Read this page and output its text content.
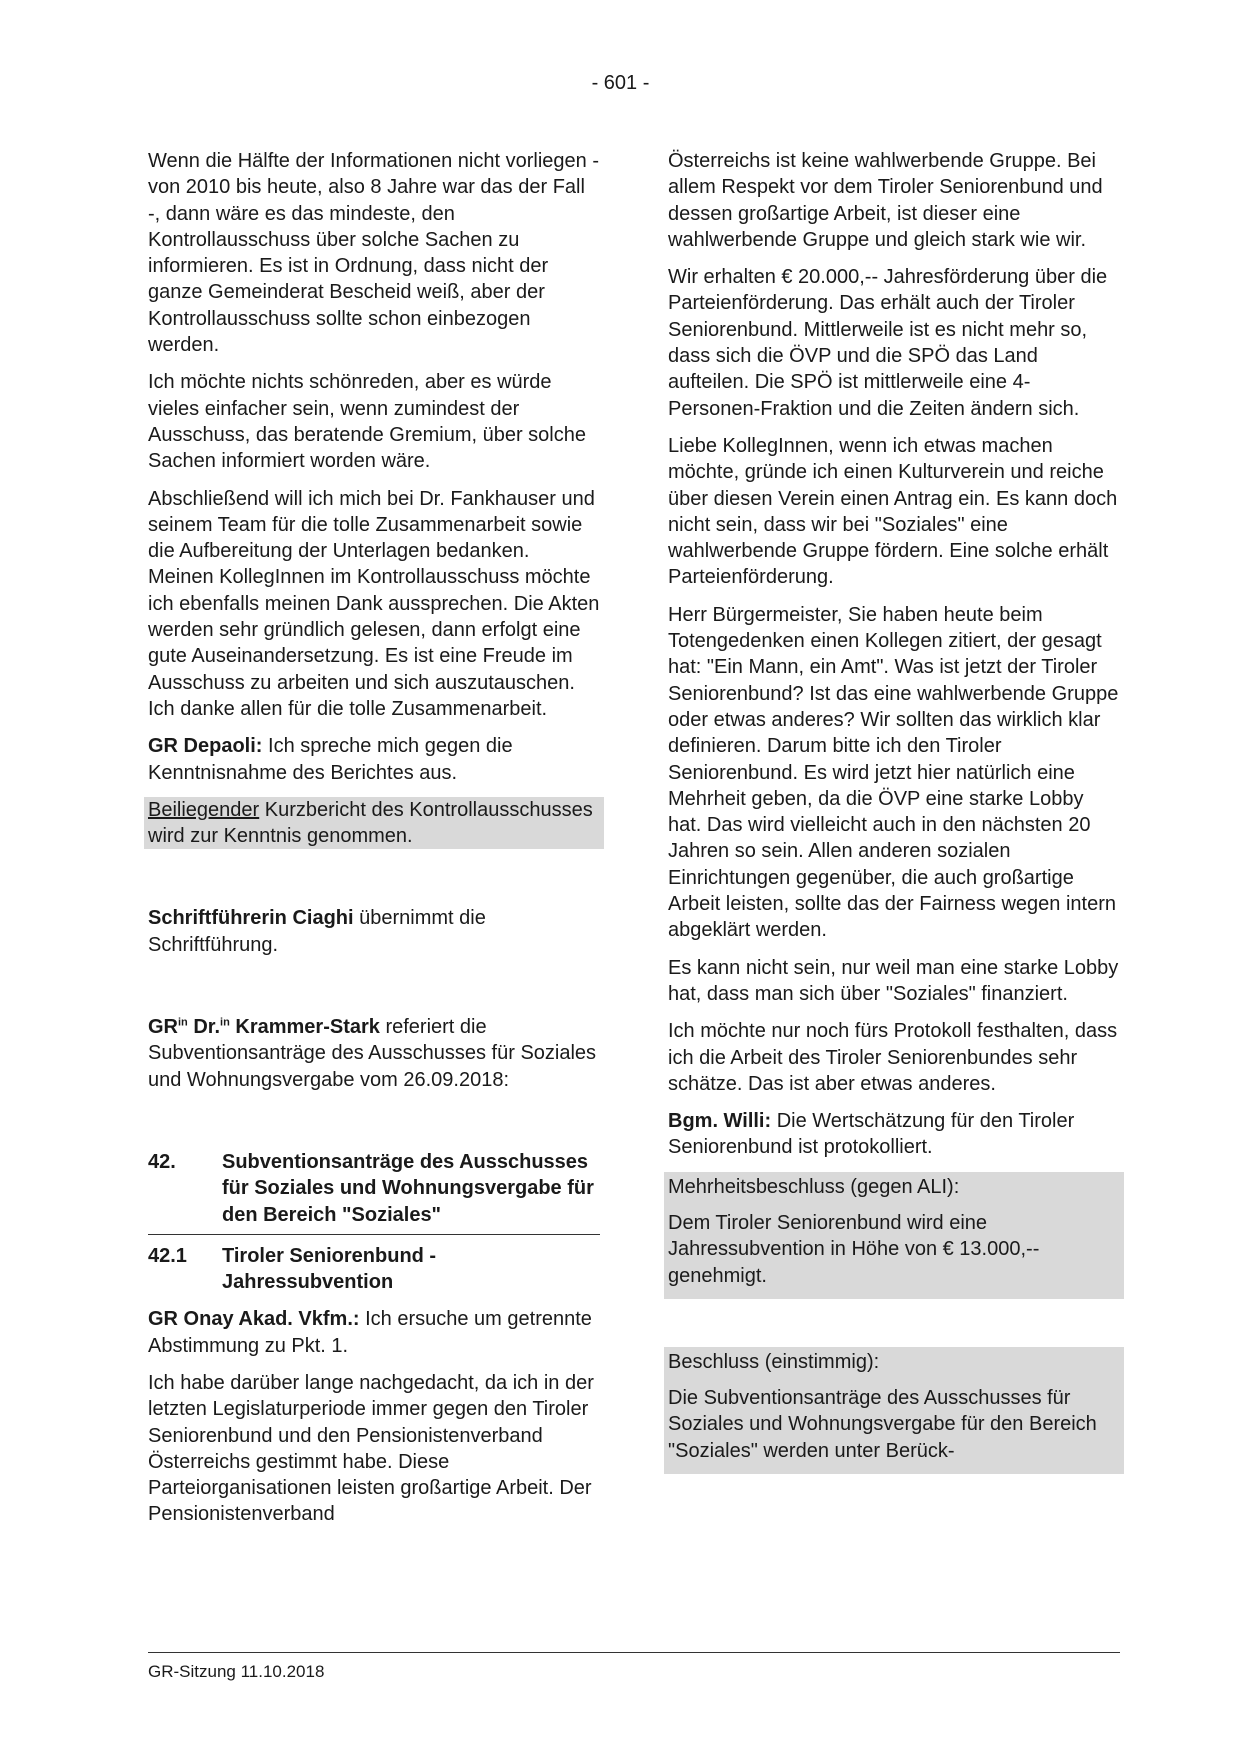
- 601 -

Wenn die Hälfte der Informationen nicht vorliegen - von 2010 bis heute, also 8 Jahre war das der Fall -, dann wäre es das mindeste, den Kontrollausschuss über solche Sachen zu informieren. Es ist in Ordnung, dass nicht der ganze Gemeinderat Bescheid weiß, aber der Kontrollausschuss sollte schon einbezogen werden.

Ich möchte nichts schönreden, aber es würde vieles einfacher sein, wenn zumindest der Ausschuss, das beratende Gremium, über solche Sachen informiert worden wäre.

Abschließend will ich mich bei Dr. Fankhauser und seinem Team für die tolle Zusammenarbeit sowie die Aufbereitung der Unterlagen bedanken. Meinen KollegInnen im Kontrollausschuss möchte ich ebenfalls meinen Dank aussprechen. Die Akten werden sehr gründlich gelesen, dann erfolgt eine gute Auseinandersetzung. Es ist eine Freude im Ausschuss zu arbeiten und sich auszutauschen. Ich danke allen für die tolle Zusammenarbeit.

GR Depaoli: Ich spreche mich gegen die Kenntnisnahme des Berichtes aus.

Beiliegender Kurzbericht des Kontrollausschusses wird zur Kenntnis genommen.

Schriftführerin Ciaghi übernimmt die Schriftführung.

$GR^{in}$ Dr.$^{in}$ Krammer-Stark referiert die Subventionsanträge des Ausschusses für Soziales und Wohnungsvergabe vom 26.09.2018:

42.	Subventionsanträge des Ausschusses für Soziales und Wohnungsvergabe für den Bereich "Soziales"
42.1	Tiroler Seniorenbund - Jahressubvention

GR Onay Akad. Vkfm.: Ich ersuche um getrennte Abstimmung zu Pkt. 1.

Ich habe darüber lange nachgedacht, da ich in der letzten Legislaturperiode immer gegen den Tiroler Seniorenbund und den Pensionistenverband Österreichs gestimmt habe. Diese Parteiorganisationen leisten großartige Arbeit. Der Pensionistenverband

Österreichs ist keine wahlwerbende Gruppe. Bei allem Respekt vor dem Tiroler Seniorenbund und dessen großartige Arbeit, ist dieser eine wahlwerbende Gruppe und gleich stark wie wir.

Wir erhalten € 20.000,-- Jahresförderung über die Parteienförderung. Das erhält auch der Tiroler Seniorenbund. Mittlerweile ist es nicht mehr so, dass sich die ÖVP und die SPÖ das Land aufteilen. Die SPÖ ist mittlerweile eine 4-Personen-Fraktion und die Zeiten ändern sich.

Liebe KollegInnen, wenn ich etwas machen möchte, gründe ich einen Kulturverein und reiche über diesen Verein einen Antrag ein. Es kann doch nicht sein, dass wir bei "Soziales" eine wahlwerbende Gruppe fördern. Eine solche erhält Parteienförderung.

Herr Bürgermeister, Sie haben heute beim Totengedenken einen Kollegen zitiert, der gesagt hat: "Ein Mann, ein Amt". Was ist jetzt der Tiroler Seniorenbund? Ist das eine wahlwerbende Gruppe oder etwas anderes? Wir sollten das wirklich klar definieren. Darum bitte ich den Tiroler Seniorenbund. Es wird jetzt hier natürlich eine Mehrheit geben, da die ÖVP eine starke Lobby hat. Das wird vielleicht auch in den nächsten 20 Jahren so sein. Allen anderen sozialen Einrichtungen gegenüber, die auch großartige Arbeit leisten, sollte das der Fairness wegen intern abgeklärt werden.

Es kann nicht sein, nur weil man eine starke Lobby hat, dass man sich über "Soziales" finanziert.

Ich möchte nur noch fürs Protokoll festhalten, dass ich die Arbeit des Tiroler Seniorenbundes sehr schätze. Das ist aber etwas anderes.

Bgm. Willi: Die Wertschätzung für den Tiroler Seniorenbund ist protokolliert.

Mehrheitsbeschluss (gegen ALI):

Dem Tiroler Seniorenbund wird eine Jahressubvention in Höhe von € 13.000,-- genehmigt.

Beschluss (einstimmig):

Die Subventionsanträge des Ausschusses für Soziales und Wohnungsvergabe für den Bereich "Soziales" werden unter Berück-

GR-Sitzung 11.10.2018
